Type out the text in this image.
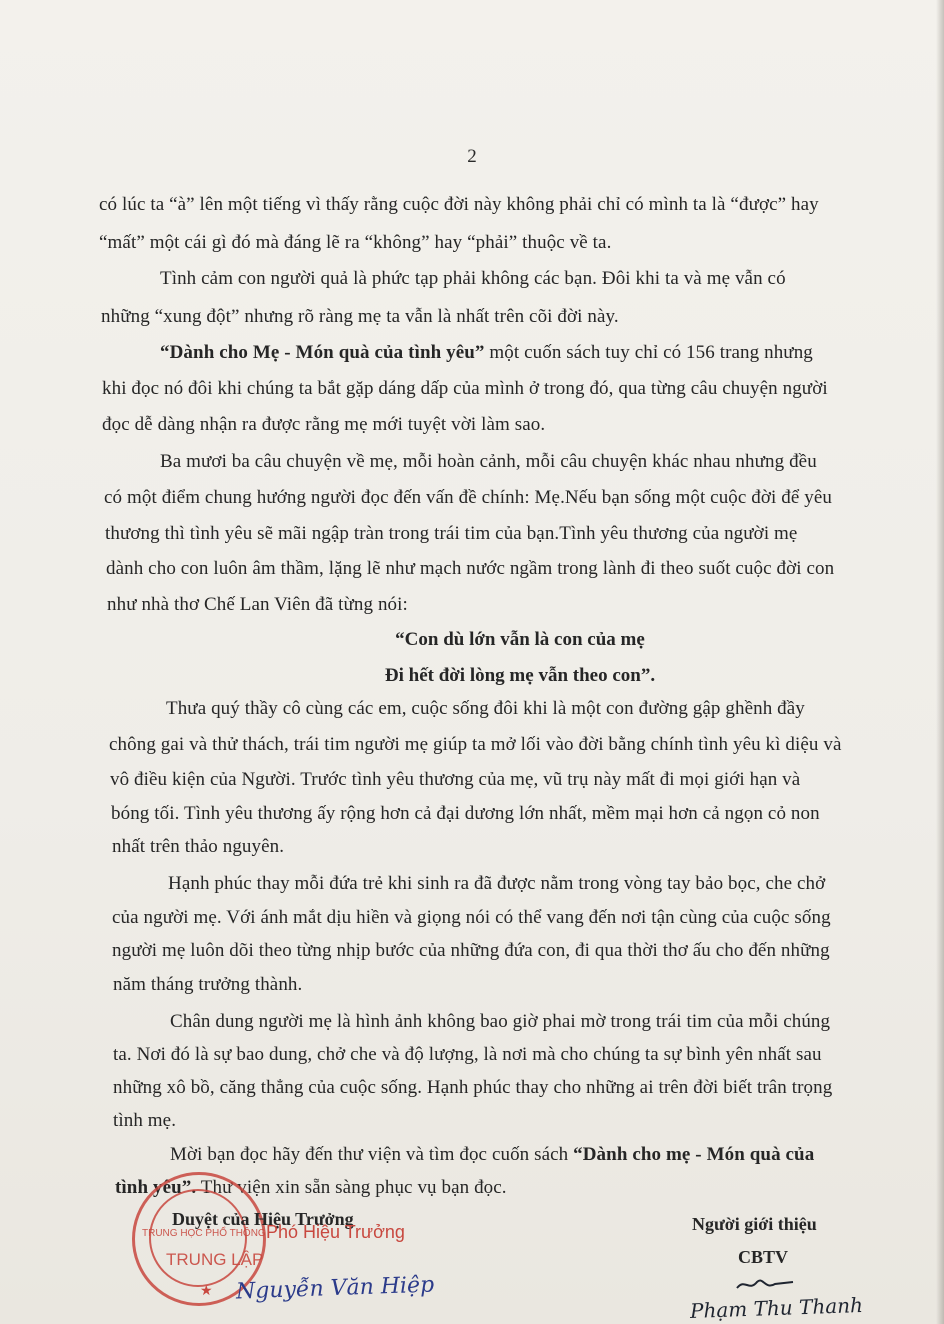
2
có lúc ta “à” lên một tiếng vì thấy rằng cuộc đời này không phải chỉ có mình ta là “được” hay
“mất” một cái gì đó mà đáng lẽ ra “không” hay “phải” thuộc về ta.
Tình cảm con người quả là phức tạp phải không các bạn. Đôi khi ta và mẹ vẫn có
những “xung đột” nhưng rõ ràng mẹ ta vẫn là nhất trên cõi đời này.
“Dành cho Mẹ - Món quà của tình yêu” một cuốn sách tuy chỉ có 156 trang nhưng
khi đọc nó đôi khi chúng ta bắt gặp dáng dấp của mình ở trong đó, qua từng câu chuyện người
đọc dễ dàng nhận ra được rằng mẹ mới tuyệt vời làm sao.
Ba mươi ba câu chuyện về mẹ, mỗi hoàn cảnh, mỗi câu chuyện khác nhau nhưng đều
có một điểm chung hướng người đọc đến vấn đề chính: Mẹ.Nếu bạn sống một cuộc đời để yêu
thương thì tình yêu sẽ mãi ngập tràn trong trái tim của bạn.Tình yêu thương của người mẹ
dành cho con luôn âm thầm, lặng lẽ như mạch nước ngầm trong lành đi theo suốt cuộc đời con
như nhà thơ Chế Lan Viên đã từng nói:
“Con dù lớn vẫn là con của mẹ
Đi hết đời lòng mẹ vẫn theo con”.
Thưa quý thầy cô cùng các em, cuộc sống đôi khi là một con đường gập ghềnh đầy
chông gai và thử thách, trái tim người mẹ giúp ta mở lối vào đời bằng chính tình yêu kì diệu và
vô điều kiện của Người. Trước tình yêu thương của mẹ, vũ trụ này mất đi mọi giới hạn và
bóng tối. Tình yêu thương ấy rộng hơn cả đại dương lớn nhất, mềm mại hơn cả ngọn cỏ non
nhất trên thảo nguyên.
Hạnh phúc thay mỗi đứa trẻ khi sinh ra đã được nằm trong vòng tay bảo bọc, che chở
của người mẹ. Với ánh mắt dịu hiền và giọng nói có thể vang đến nơi tận cùng của cuộc sống
người mẹ luôn dõi theo từng nhịp bước của những đứa con, đi qua thời thơ ấu cho đến những
năm tháng trưởng thành.
Chân dung người mẹ là hình ảnh không bao giờ phai mờ trong trái tim của mỗi chúng
ta. Nơi đó là sự bao dung, chở che và độ lượng, là nơi mà cho chúng ta sự bình yên nhất sau
những xô bồ, căng thẳng của cuộc sống. Hạnh phúc thay cho những ai trên đời biết trân trọng
tình mẹ.
Mời bạn đọc hãy đến thư viện và tìm đọc cuốn sách “Dành cho mẹ - Món quà của
tình yêu”. Thư viện xin sẵn sàng phục vụ bạn đọc.
TRUNG HỌC PHỔ THÔNG
TRUNG LẬP
★
Duyệt của Hiệu Trưởng
Phó Hiệu Trưởng
Nguyễn Văn Hiệp
Người giới thiệu
CBTV
Phạm Thu Thanh
